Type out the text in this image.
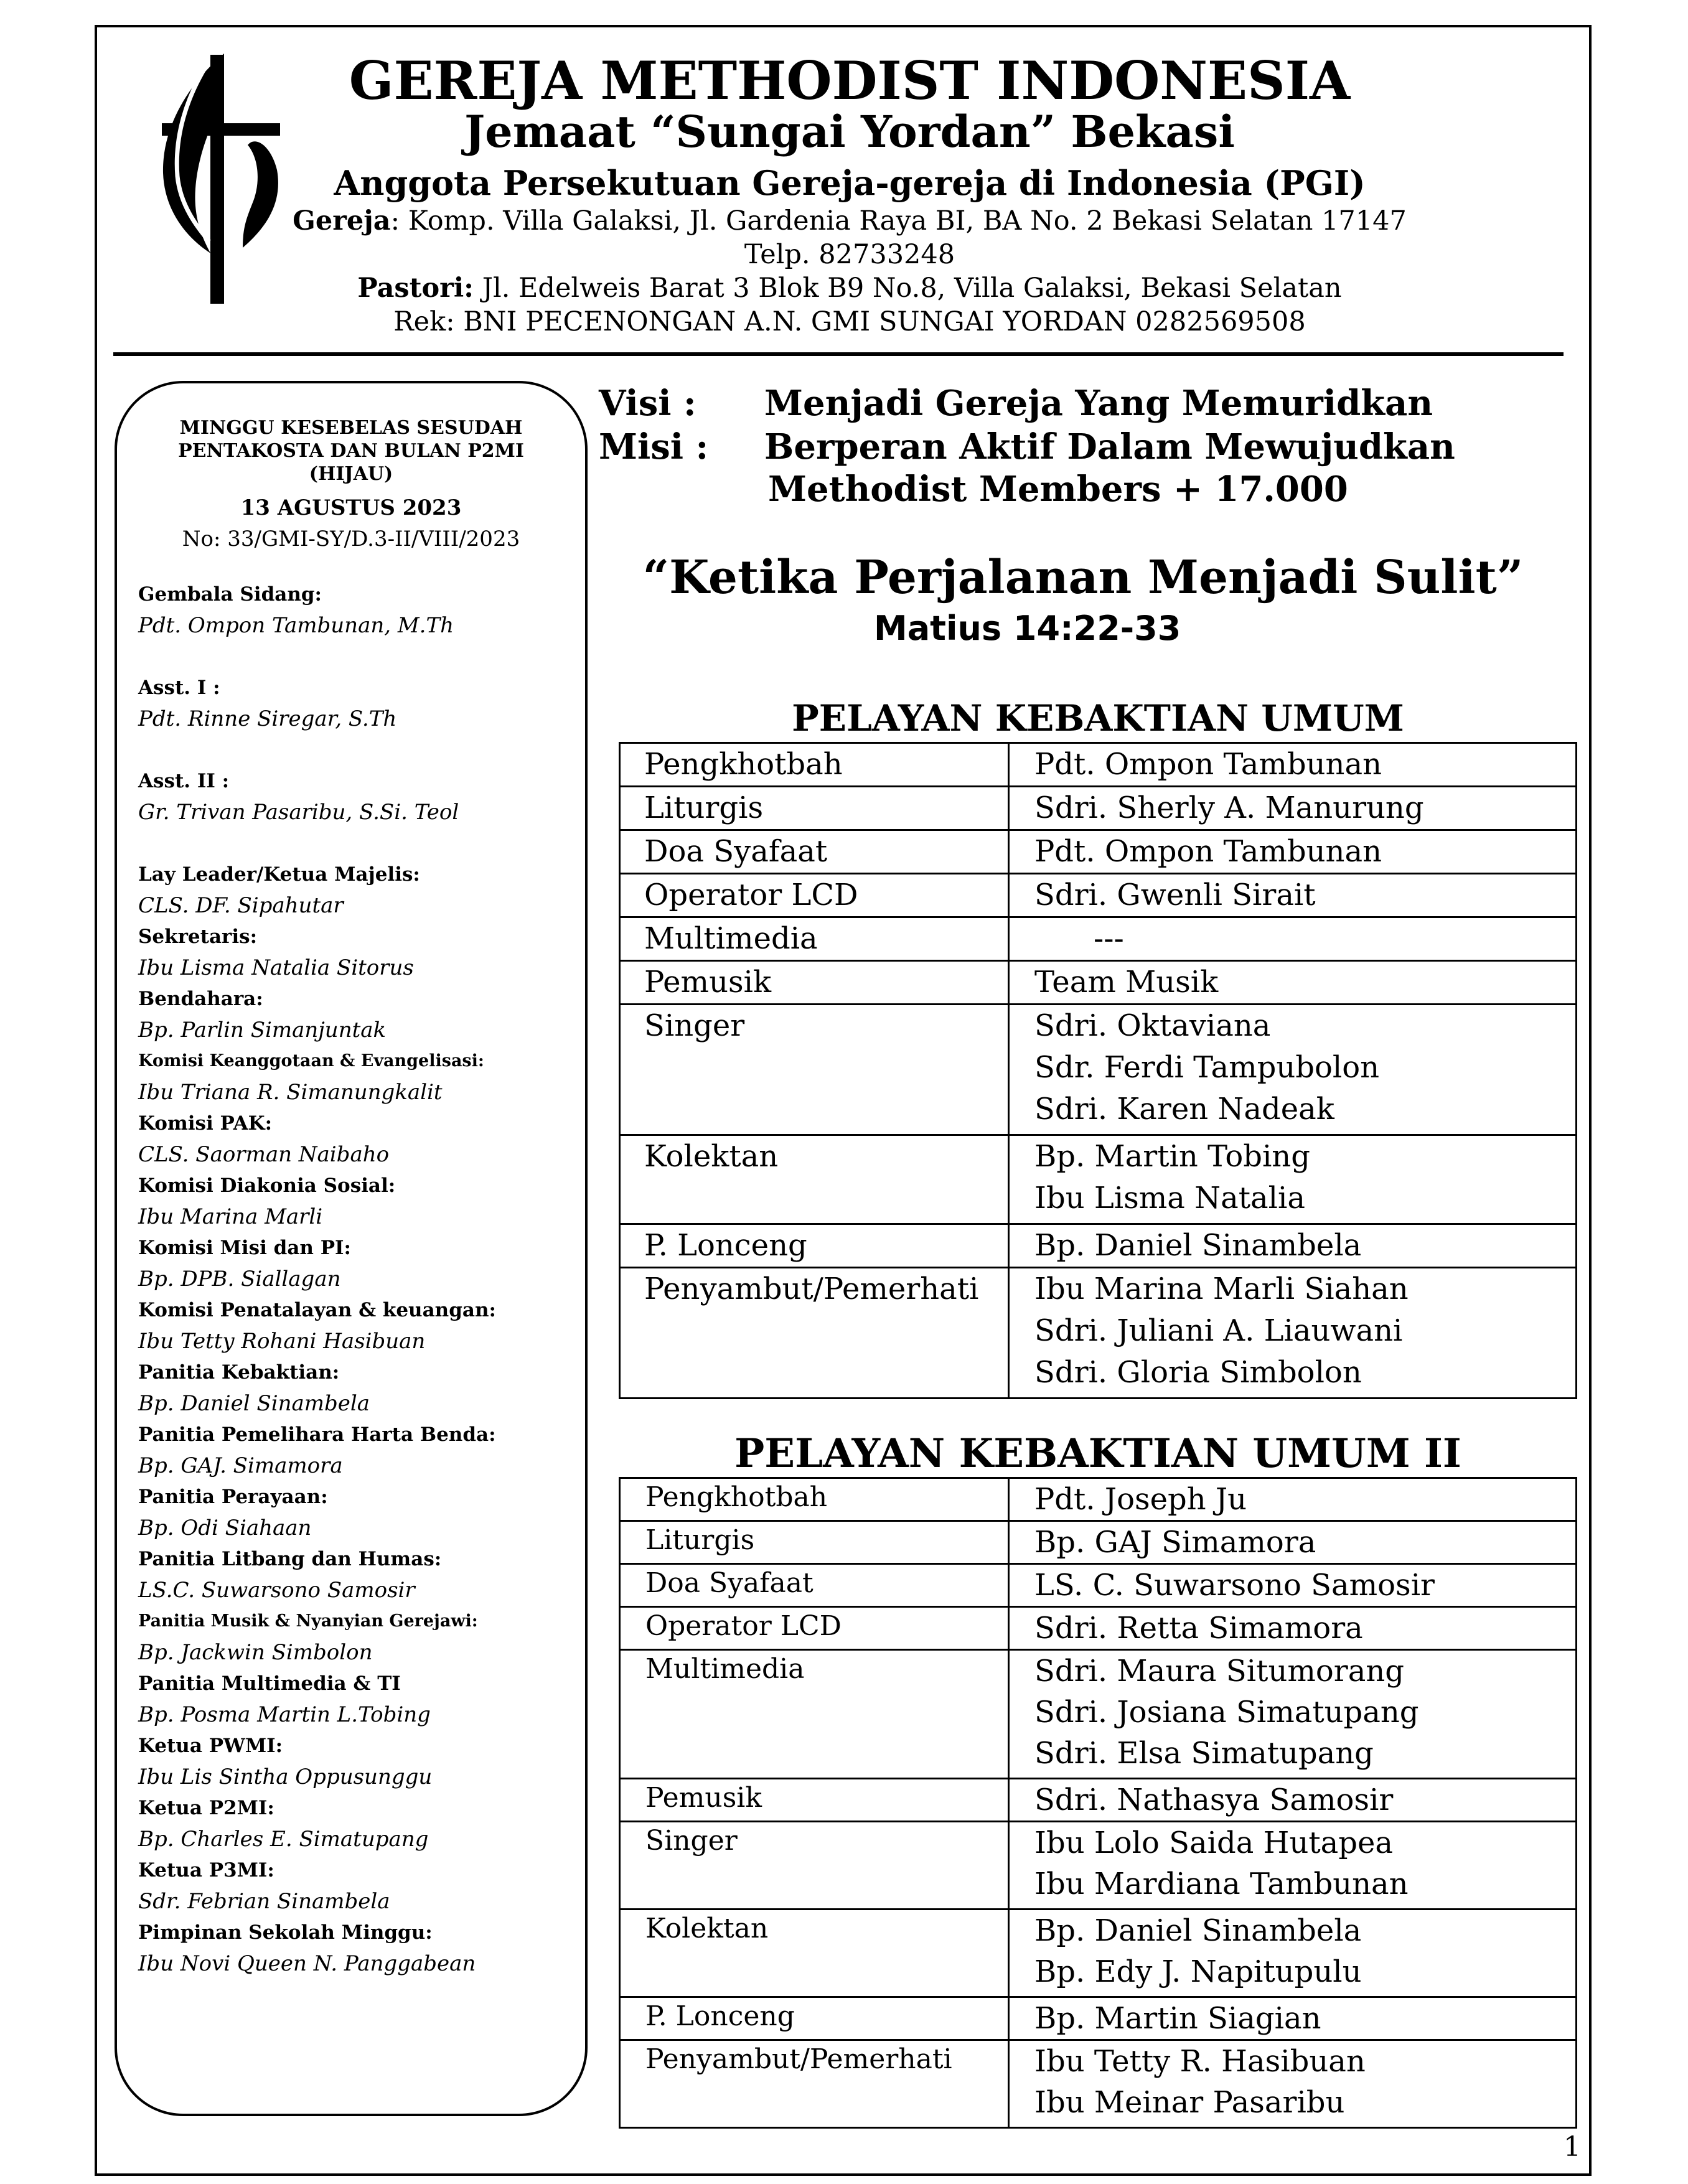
GEREJA METHODIST INDONESIA
Jemaat “Sungai Yordan” Bekasi
Anggota Persekutuan Gereja-gereja di Indonesia (PGI)
Gereja: Komp. Villa Galaksi, Jl. Gardenia Raya BI, BA No. 2 Bekasi Selatan 17147
Telp. 82733248
Pastori: Jl. Edelweis Barat 3 Blok B9 No.8, Villa Galaksi, Bekasi Selatan
Rek: BNI PECENONGAN A.N. GMI SUNGAI YORDAN 0282569508
MINGGU KESEBELAS SESUDAH
PENTAKOSTA DAN BULAN P2MI
(HIJAU)
13 AGUSTUS 2023
No: 33/GMI-SY/D.3-II/VIII/2023
Gembala Sidang:
Pdt. Ompon Tambunan, M.Th
Asst. I :
Pdt. Rinne Siregar, S.Th
Asst. II :
Gr. Trivan Pasaribu, S.Si. Teol
Lay Leader/Ketua Majelis:
CLS. DF. Sipahutar
Sekretaris:
Ibu Lisma Natalia Sitorus
Bendahara:
Bp. Parlin Simanjuntak
Komisi Keanggotaan & Evangelisasi:
Ibu Triana R. Simanungkalit
Komisi PAK:
CLS. Saorman Naibaho
Komisi Diakonia Sosial:
Ibu Marina Marli
Komisi Misi dan PI:
Bp. DPB. Siallagan
Komisi Penatalayan & keuangan:
Ibu Tetty Rohani Hasibuan
Panitia Kebaktian:
Bp. Daniel Sinambela
Panitia Pemelihara Harta Benda:
Bp. GAJ. Simamora
Panitia Perayaan:
Bp. Odi Siahaan
Panitia Litbang dan Humas:
LS.C. Suwarsono Samosir
Panitia Musik & Nyanyian Gerejawi:
Bp. Jackwin Simbolon
Panitia Multimedia & TI
Bp. Posma Martin L.Tobing
Ketua PWMI:
Ibu Lis Sintha Oppusunggu
Ketua P2MI:
Bp. Charles E. Simatupang
Ketua P3MI:
Sdr. Febrian Sinambela
Pimpinan Sekolah Minggu:
Ibu Novi Queen N. Panggabean
Visi : Menjadi Gereja Yang Memuridkan
Misi : Berperan Aktif Dalam Mewujudkan
Methodist Members + 17.000
“Ketika Perjalanan Menjadi Sulit”
Matius 14:22-33
PELAYAN KEBAKTIAN UMUM
Pengkhotbah	Pdt. Ompon Tambunan

Liturgis	Sdri. Sherly A. Manurung

Doa Syafaat	Pdt. Ompon Tambunan

Operator LCD	Sdri. Gwenli Sirait

Multimedia	---

Pemusik	Team Musik

Singer	Sdri. Oktaviana
Sdr. Ferdi Tampubolon
Sdri. Karen Nadeak

Kolektan	Bp. Martin Tobing
Ibu Lisma Natalia

P. Lonceng	Bp. Daniel Sinambela

Penyambut/Pemerhati	Ibu Marina Marli Siahan
Sdri. Juliani A. Liauwani
Sdri. Gloria Simbolon
PELAYAN KEBAKTIAN UMUM II
Pengkhotbah	Pdt. Joseph Ju

Liturgis	Bp. GAJ Simamora

Doa Syafaat	LS. C. Suwarsono Samosir

Operator LCD	Sdri. Retta Simamora

Multimedia	Sdri. Maura Situmorang
Sdri. Josiana Simatupang
Sdri. Elsa Simatupang

Pemusik	Sdri. Nathasya Samosir

Singer	Ibu Lolo Saida Hutapea
Ibu Mardiana Tambunan

Kolektan	Bp. Daniel Sinambela
Bp. Edy J. Napitupulu

P. Lonceng	Bp. Martin Siagian

Penyambut/Pemerhati	Ibu Tetty R. Hasibuan
Ibu Meinar Pasaribu
1
